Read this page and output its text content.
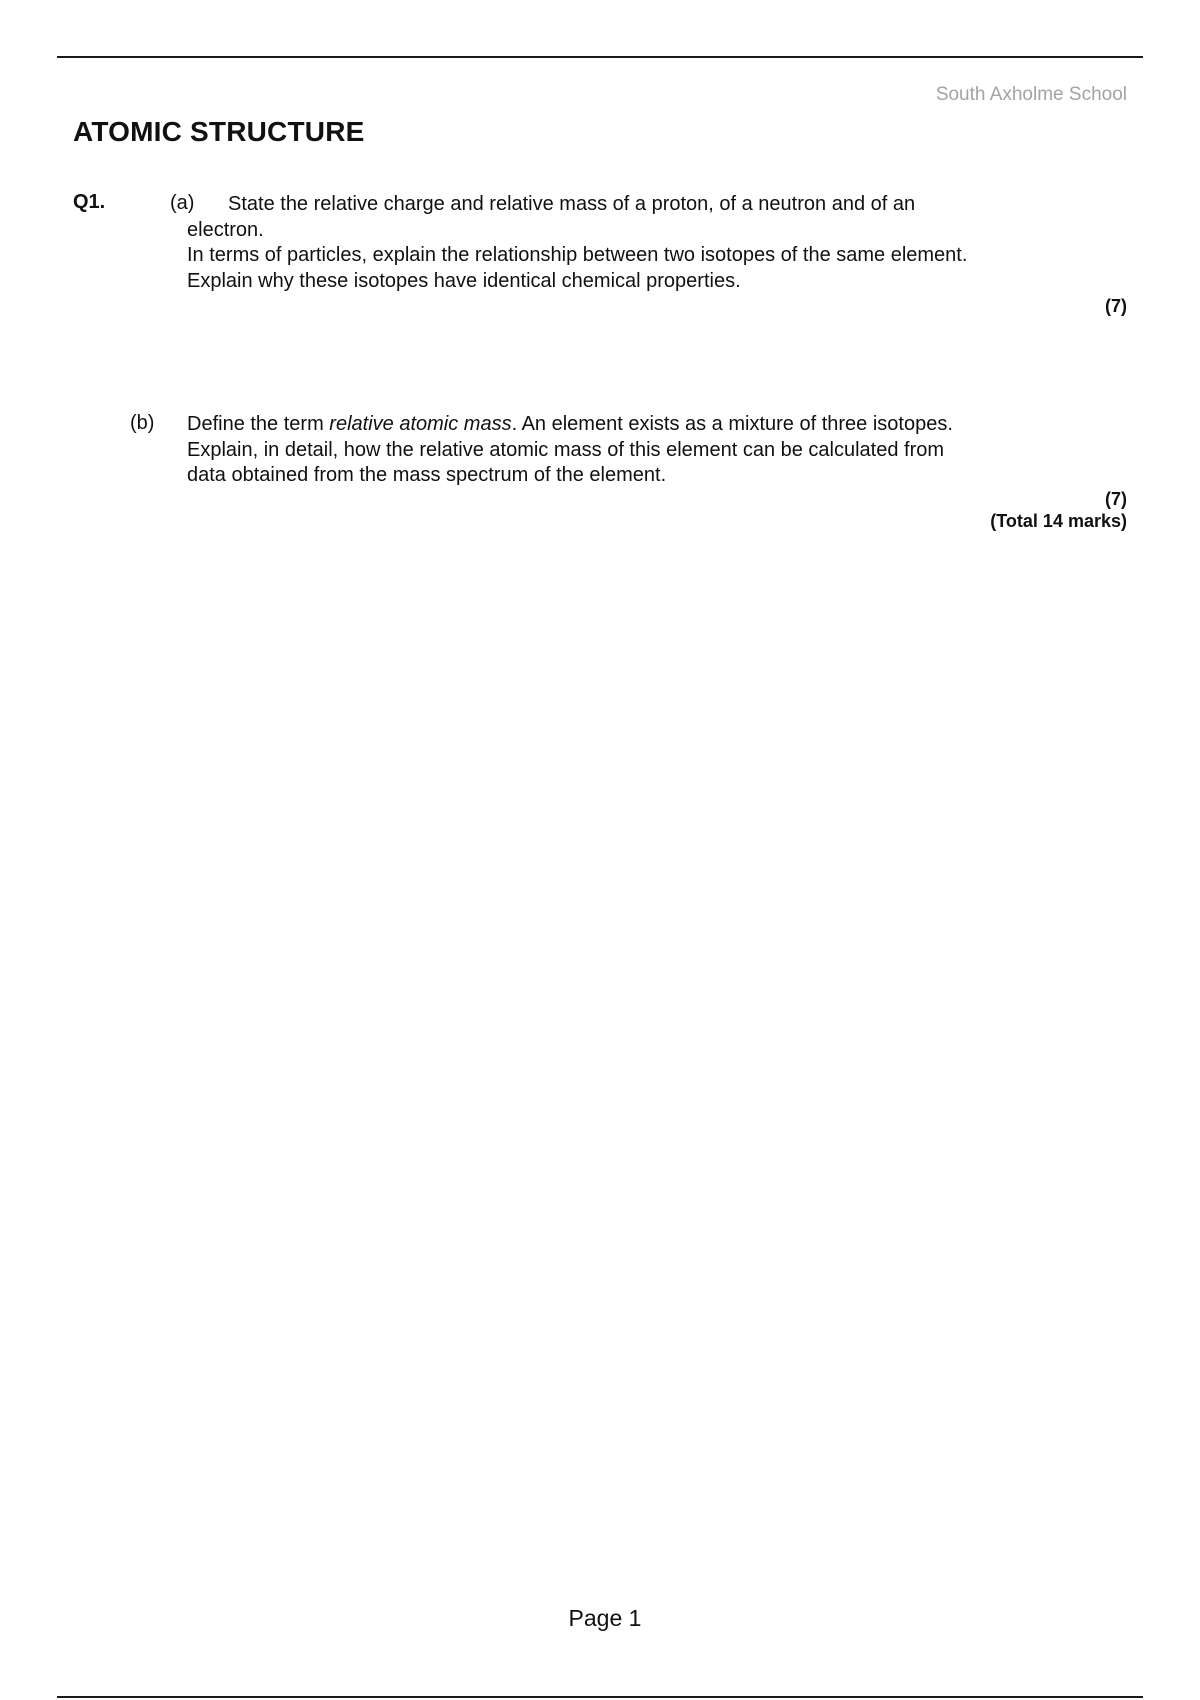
South Axholme School
ATOMIC STRUCTURE
Q1.	(a) State the relative charge and relative mass of a proton, of a neutron and of an
electron.
In terms of particles, explain the relationship between two isotopes of the same element.
Explain why these isotopes have identical chemical properties.
(7)
(b) Define the term relative atomic mass. An element exists as a mixture of three isotopes.
Explain, in detail, how the relative atomic mass of this element can be calculated from
data obtained from the mass spectrum of the element.
(7)
(Total 14 marks)
Page 1
